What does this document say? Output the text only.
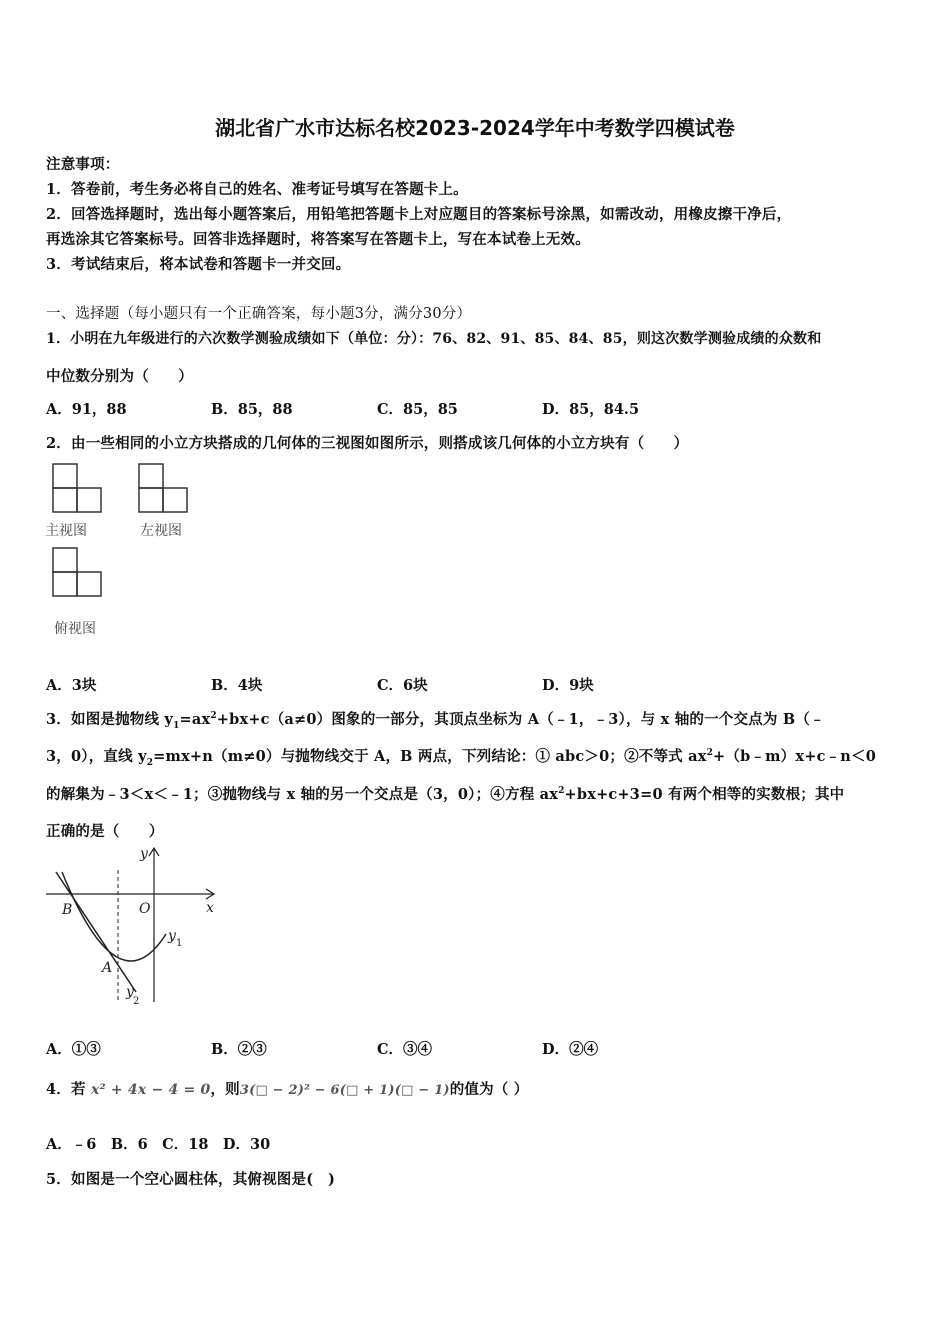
湖北省广水市达标名校2023-2024学年中考数学四模试卷
注意事项：
1．答卷前，考生务必将自己的姓名、准考证号填写在答题卡上。
2．回答选择题时，选出每小题答案后，用铅笔把答题卡上对应题目的答案标号涂黑，如需改动，用橡皮擦干净后，
再选涂其它答案标号。回答非选择题时，将答案写在答题卡上，写在本试卷上无效。
3．考试结束后，将本试卷和答题卡一并交回。
一、选择题（每小题只有一个正确答案，每小题3分，满分30分）
1．小明在九年级进行的六次数学测验成绩如下（单位：分）：76、82、91、85、84、85，则这次数学测验成绩的众数和
中位数分别为（　　）
A．91，88	B．85，88	C．85，85	D．85，84.5
2．由一些相同的小立方块搭成的几何体的三视图如图所示，则搭成该几何体的小立方块有（　　）
主视图	左视图
俯视图
A．3块	B．4块	C．6块	D．9块
3．如图是抛物线 $y_1=ax^2+bx+c(a\ne 0)$图象的一部分，其顶点坐标为 A（﹣1，﹣3），与 x 轴的一个交点为 B（﹣
3，0），直线 $y_2=mx+n(m\ne 0)$与抛物线交于 A，B 两点，下列结论：① abc＞0；②不等式 $ax^2+(b﹣m)x+c﹣n<0$
的解集为﹣3＜x＜﹣1；③抛物线与 x 轴的另一个交点是（3，0）；④方程 $ax^2+bx+c+3=0$ 有两个相等的实数根；其中
正确的是（　　）
y
x
O
B
A
y 1
y
2
A．①③	B．②③	C．③④	D．②④
4．若 x² + 4x − 4 = 0，则3(□ − 2)² − 6(□ + 1)(□ − 1)的值为（ ）
A．﹣6　B．6　C．18　D．30
5．如图是一个空心圆柱体，其俯视图是(　)
